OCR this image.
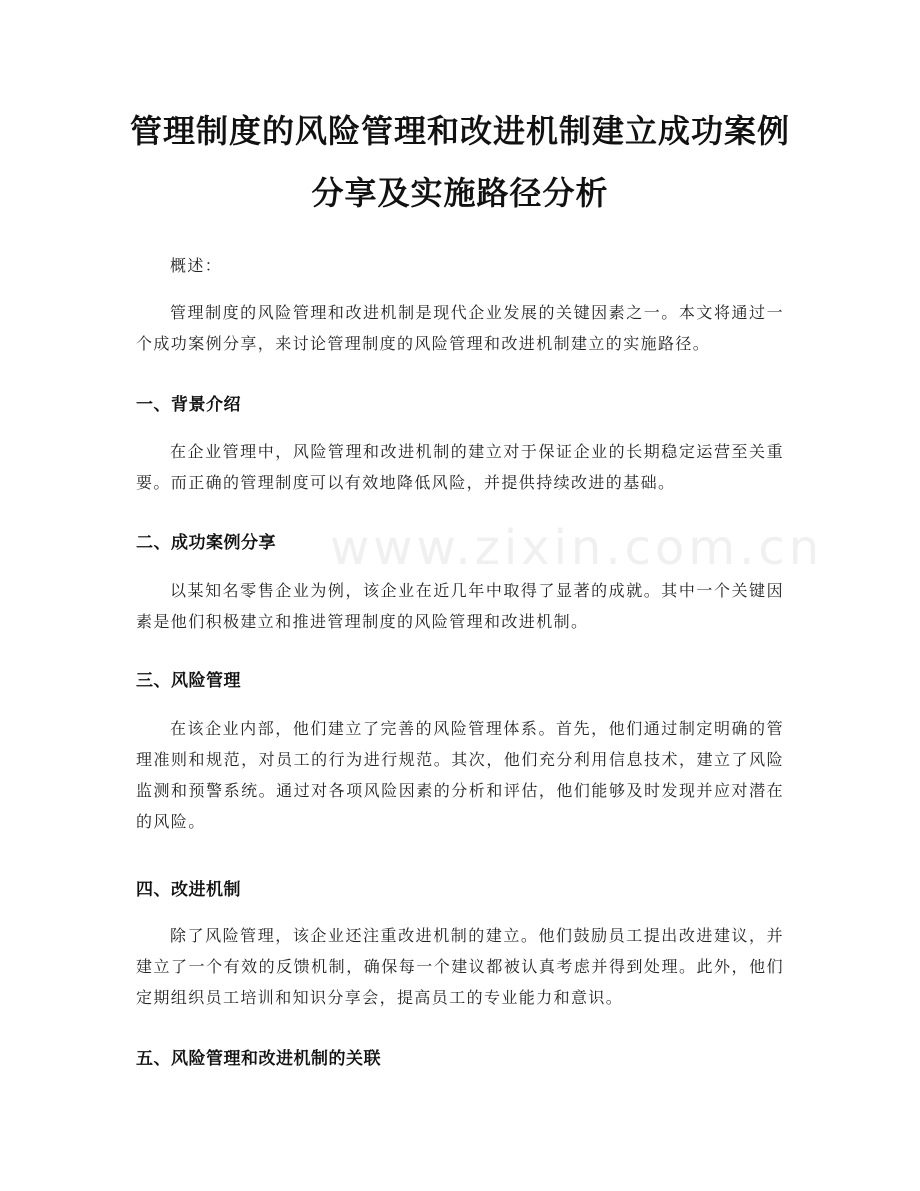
www.zixin.com.cn
管理制度的风险管理和改进机制建立成功案例分享及实施路径分析
概述：
管理制度的风险管理和改进机制是现代企业发展的关键因素之一。本文将通过一个成功案例分享，来讨论管理制度的风险管理和改进机制建立的实施路径。
一、背景介绍
在企业管理中，风险管理和改进机制的建立对于保证企业的长期稳定运营至关重要。而正确的管理制度可以有效地降低风险，并提供持续改进的基础。
二、成功案例分享
以某知名零售企业为例，该企业在近几年中取得了显著的成就。其中一个关键因素是他们积极建立和推进管理制度的风险管理和改进机制。
三、风险管理
在该企业内部，他们建立了完善的风险管理体系。首先，他们通过制定明确的管理准则和规范，对员工的行为进行规范。其次，他们充分利用信息技术，建立了风险监测和预警系统。通过对各项风险因素的分析和评估，他们能够及时发现并应对潜在的风险。
四、改进机制
除了风险管理，该企业还注重改进机制的建立。他们鼓励员工提出改进建议，并建立了一个有效的反馈机制，确保每一个建议都被认真考虑并得到处理。此外，他们定期组织员工培训和知识分享会，提高员工的专业能力和意识。
五、风险管理和改进机制的关联
